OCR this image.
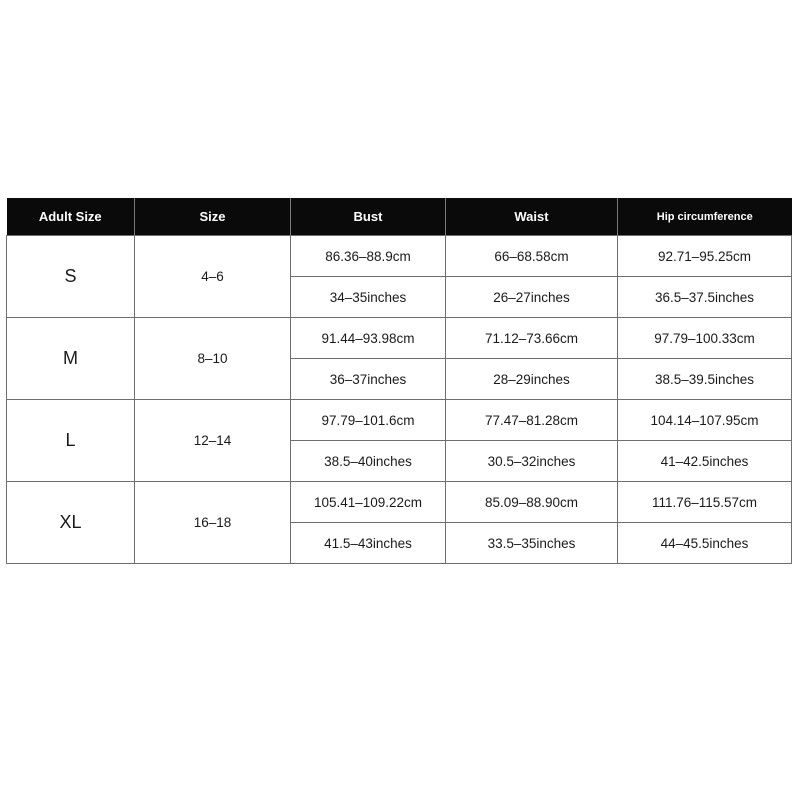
Adult Size	Size	Bust	Waist	Hip circumference
S	4–6	86.36–88.9cm	66–68.58cm	92.71–95.25cm
		34–35inches	26–27inches	36.5–37.5inches
M	8–10	91.44–93.98cm	71.12–73.66cm	97.79–100.33cm
		36–37inches	28–29inches	38.5–39.5inches
L	12–14	97.79–101.6cm	77.47–81.28cm	104.14–107.95cm
		38.5–40inches	30.5–32inches	41–42.5inches
XL	16–18	105.41–109.22cm	85.09–88.90cm	111.76–115.57cm
		41.5–43inches	33.5–35inches	44–45.5inches
